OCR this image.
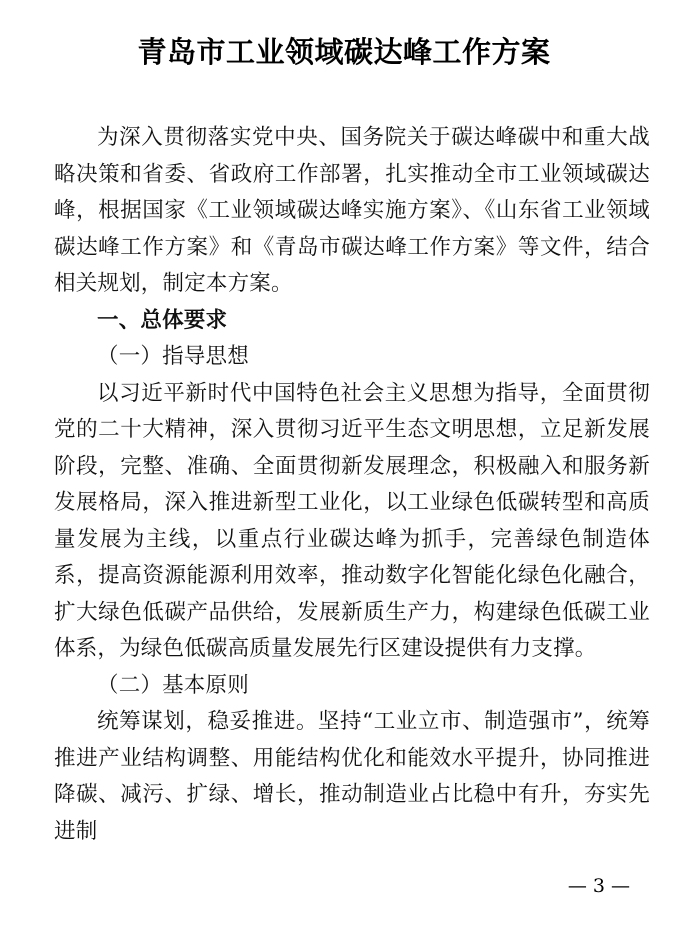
青岛市工业领域碳达峰工作方案

为深入贯彻落实党中央、国务院关于碳达峰碳中和重大战略决策和省委、省政府工作部署，扎实推动全市工业领域碳达峰，根据国家《工业领域碳达峰实施方案》、《山东省工业领域碳达峰工作方案》和《青岛市碳达峰工作方案》等文件，结合相关规划，制定本方案。

一、总体要求

（一）指导思想

以习近平新时代中国特色社会主义思想为指导，全面贯彻党的二十大精神，深入贯彻习近平生态文明思想，立足新发展阶段，完整、准确、全面贯彻新发展理念，积极融入和服务新发展格局，深入推进新型工业化，以工业绿色低碳转型和高质量发展为主线，以重点行业碳达峰为抓手，完善绿色制造体系，提高资源能源利用效率，推动数字化智能化绿色化融合，扩大绿色低碳产品供给，发展新质生产力，构建绿色低碳工业体系，为绿色低碳高质量发展先行区建设提供有力支撑。

（二）基本原则

统筹谋划，稳妥推进。坚持“工业立市、制造强市”，统筹推进产业结构调整、用能结构优化和能效水平提升，协同推进降碳、减污、扩绿、增长，推动制造业占比稳中有升，夯实先进制

— 3 —
